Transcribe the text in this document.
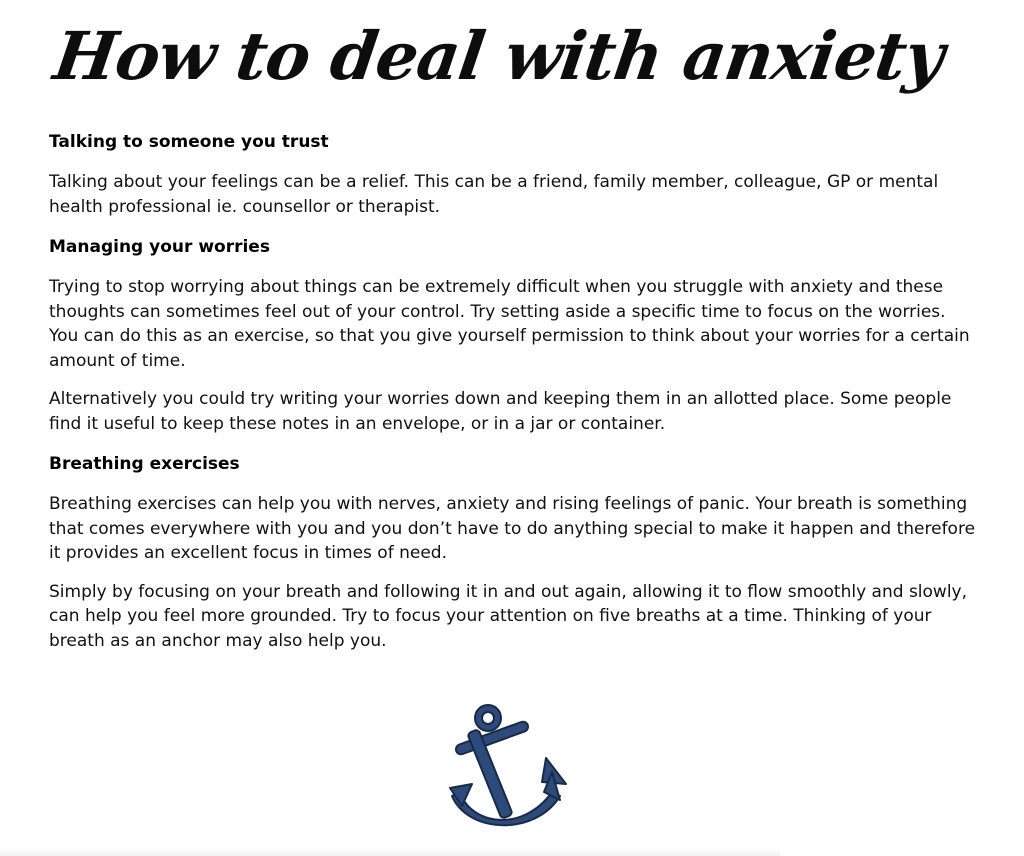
How to deal with anxiety
Talking to someone you trust

Talking about your feelings can be a relief. This can be a friend, family member, colleague, GP or mental health professional ie. counsellor or therapist.

Managing your worries

Trying to stop worrying about things can be extremely difficult when you struggle with anxiety and these thoughts can sometimes feel out of your control. Try setting aside a specific time to focus on the worries. You can do this as an exercise, so that you give yourself permission to think about your worries for a certain amount of time.

Alternatively you could try writing your worries down and keeping them in an allotted place. Some people find it useful to keep these notes in an envelope, or in a jar or container.

Breathing exercises

Breathing exercises can help you with nerves, anxiety and rising feelings of panic. Your breath is something that comes everywhere with you and you don’t have to do anything special to make it happen and therefore it provides an excellent focus in times of need.

Simply by focusing on your breath and following it in and out again, allowing it to flow smoothly and slowly, can help you feel more grounded. Try to focus your attention on five breaths at a time. Thinking of your breath as an anchor may also help you.
